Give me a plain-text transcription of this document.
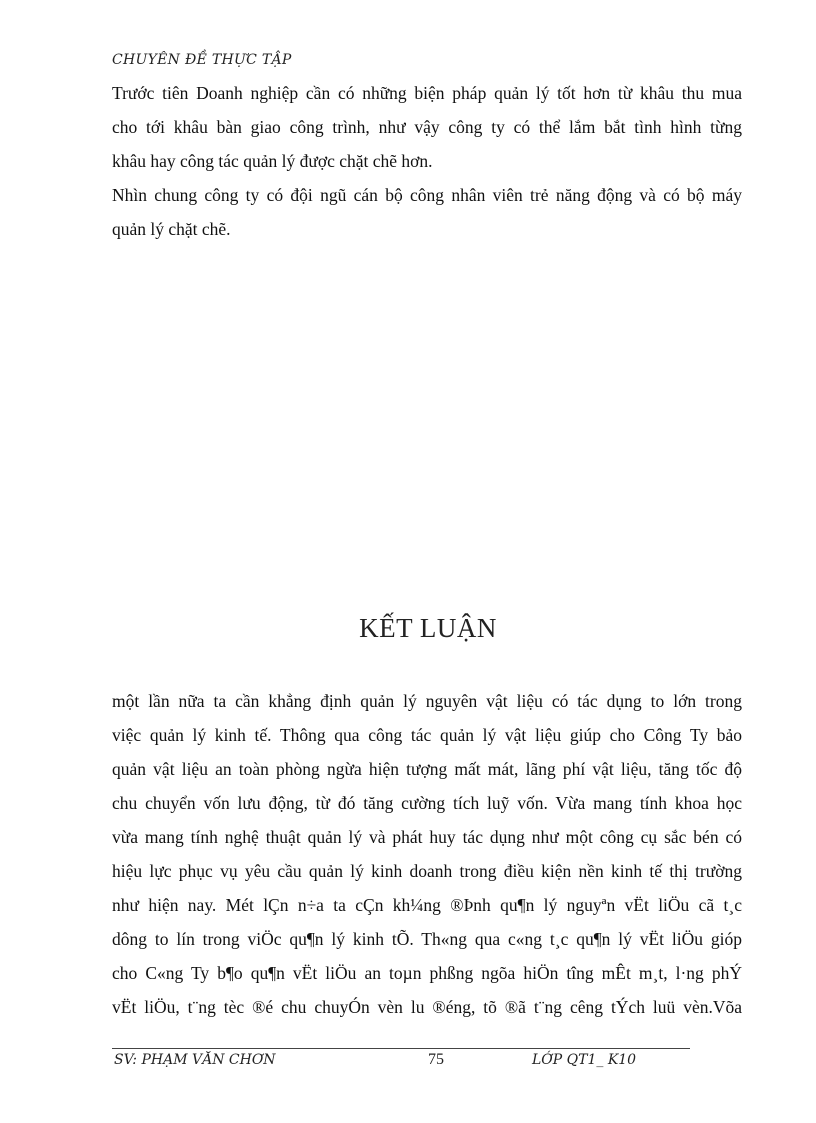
CHUYÊN ĐỀ THỰC TẬP
Trước tiên Doanh nghiệp cần có những biện pháp quản lý tốt hơn từ khâu thu mua
cho tới khâu bàn giao công trình, như vậy công ty có thể lắm bắt tình hình từng
khâu hay công tác quản lý được chặt chẽ hơn.
Nhìn chung công ty có đội ngũ cán bộ công nhân viên trẻ năng động và có bộ máy
quản lý chặt chẽ.
KẾT LUẬN
một lần nữa ta cần khẳng định quản lý nguyên vật liệu có tác dụng to lớn trong
việc quản lý kinh tế. Thông qua công tác quản lý vật liệu giúp cho Công Ty bảo
quản vật liệu an toàn phòng ngừa hiện tượng mất mát, lãng phí vật liệu, tăng tốc độ
chu chuyển vốn lưu động, từ đó tăng cường tích luỹ vốn. Vừa mang tính khoa học
vừa mang tính nghệ thuật quản lý và phát huy tác dụng như một công cụ sắc bén có
hiệu lực phục vụ yêu cầu quản lý kinh doanh trong điều kiện nền kinh tế thị trường
như hiện nay. Mét lÇn n÷a ta cÇn kh¼ng ®Þnh qu¶n lý nguyªn vËt liÖu cã t¸c
dông to lín trong viÖc qu¶n lý kinh tÕ. Th«ng qua c«ng t¸c qu¶n lý vËt liÖu gióp
cho C«ng Ty b¶o qu¶n vËt liÖu an toµn phßng ngõa hiÖn tîng mÊt m¸t, l·ng phÝ
vËt liÖu, t¨ng tèc ®é chu chuyÓn vèn lu ®éng, tõ ®ã t¨ng cêng tÝch luü vèn.Võa
SV: PHẠM VĂN CHƠN	75	LỚP QT1_ K10
